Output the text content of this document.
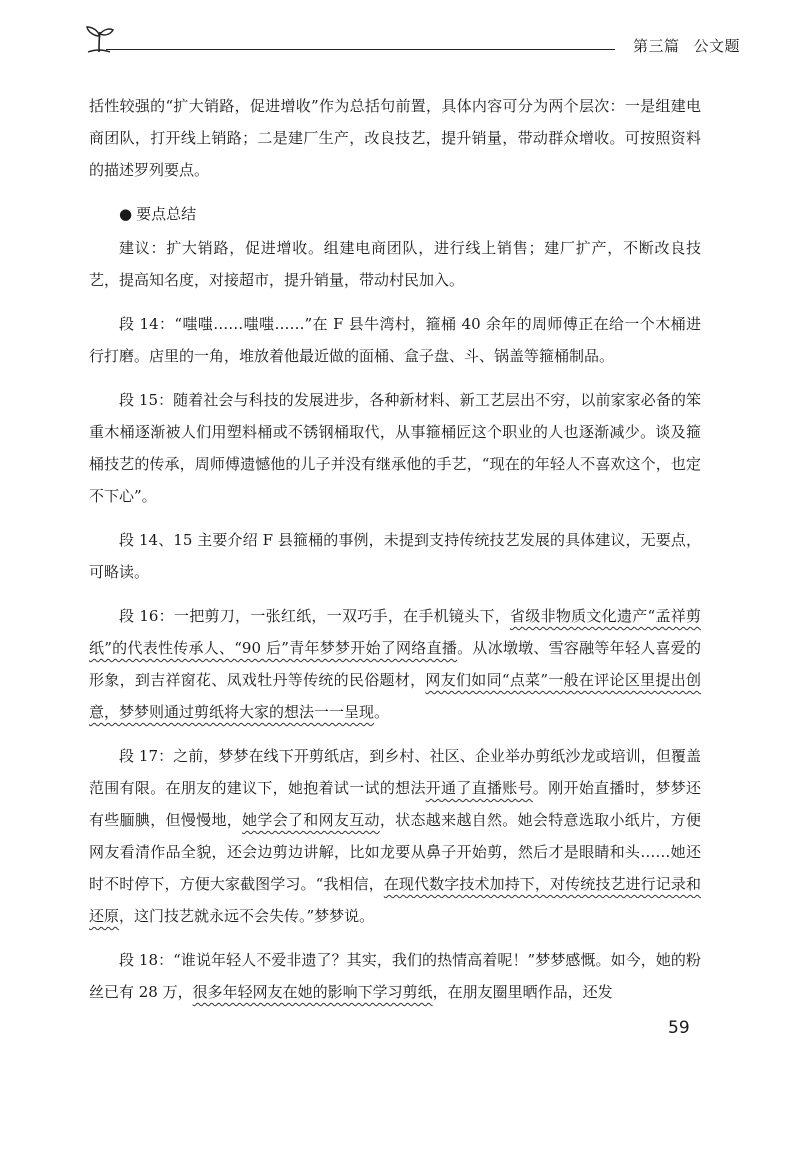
第三篇 公文题

括性较强的“扩大销路，促进增收”作为总括句前置，具体内容可分为两个层次：一是组建电商团队，打开线上销路；二是建厂生产，改良技艺，提升销量，带动群众增收。可按照资料的描述罗列要点。

● 要点总结

建议：扩大销路，促进增收。组建电商团队，进行线上销售；建厂扩产，不断改良技艺，提高知名度，对接超市，提升销量，带动村民加入。

段 14：“嗤嗤……嗤嗤……”在 F 县牛湾村，箍桶 40 余年的周师傅正在给一个木桶进行打磨。店里的一角，堆放着他最近做的面桶、盒子盘、斗、锅盖等箍桶制品。

段 15：随着社会与科技的发展进步，各种新材料、新工艺层出不穷，以前家家必备的笨重木桶逐渐被人们用塑料桶或不锈钢桶取代，从事箍桶匠这个职业的人也逐渐减少。谈及箍桶技艺的传承，周师傅遗憾他的儿子并没有继承他的手艺，“现在的年轻人不喜欢这个，也定不下心”。

段 14、15 主要介绍 F 县箍桶的事例，未提到支持传统技艺发展的具体建议，无要点，可略读。

段 16：一把剪刀，一张红纸，一双巧手，在手机镜头下，省级非物质文化遗产“孟祥剪纸”的代表性传承人、“90 后”青年梦梦开始了网络直播。从冰墩墩、雪容融等年轻人喜爱的形象，到吉祥窗花、凤戏牡丹等传统的民俗题材，网友们如同“点菜”一般在评论区里提出创意，梦梦则通过剪纸将大家的想法一一呈现。

段 17：之前，梦梦在线下开剪纸店，到乡村、社区、企业举办剪纸沙龙或培训，但覆盖范围有限。在朋友的建议下，她抱着试一试的想法开通了直播账号。刚开始直播时，梦梦还有些腼腆，但慢慢地，她学会了和网友互动，状态越来越自然。她会特意选取小纸片，方便网友看清作品全貌，还会边剪边讲解，比如龙要从鼻子开始剪，然后才是眼睛和头……她还时不时停下，方便大家截图学习。“我相信，在现代数字技术加持下，对传统技艺进行记录和还原，这门技艺就永远不会失传。”梦梦说。

段 18：“谁说年轻人不爱非遗了？其实，我们的热情高着呢！”梦梦感慨。如今，她的粉丝已有 28 万，很多年轻网友在她的影响下学习剪纸，在朋友圈里晒作品，还发

59
